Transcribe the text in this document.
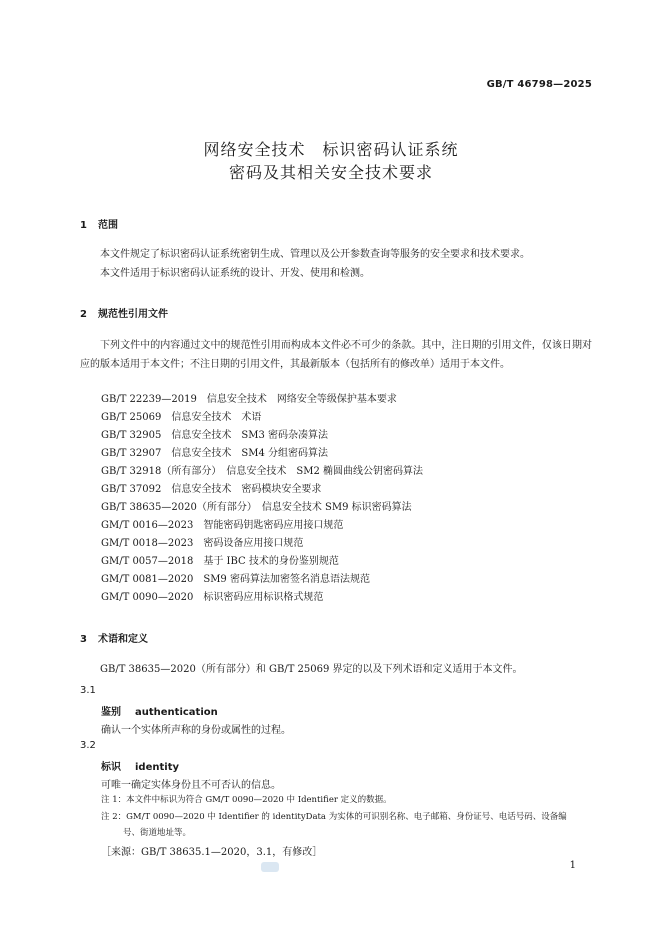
GB/T 46798—2025
网络安全技术　标识密码认证系统
密码及其相关安全技术要求
1 范围
本文件规定了标识密码认证系统密钥生成、管理以及公开参数查询等服务的安全要求和技术要求。
本文件适用于标识密码认证系统的设计、开发、使用和检测。
2 规范性引用文件
下列文件中的内容通过文中的规范性引用而构成本文件必不可少的条款。其中，注日期的引用文件，仅该日期对应的版本适用于本文件；不注日期的引用文件，其最新版本（包括所有的修改单）适用于本文件。
GB/T 22239—2019　信息安全技术　网络安全等级保护基本要求
GB/T 25069　信息安全技术　术语
GB/T 32905　信息安全技术　SM3 密码杂凑算法
GB/T 32907　信息安全技术　SM4 分组密码算法
GB/T 32918（所有部分）　信息安全技术　SM2 椭圆曲线公钥密码算法
GB/T 37092　信息安全技术　密码模块安全要求
GB/T 38635—2020（所有部分）　信息安全技术 SM9 标识密码算法
GM/T 0016—2023　智能密码钥匙密码应用接口规范
GM/T 0018—2023　密码设备应用接口规范
GM/T 0057—2018　基于 IBC 技术的身份鉴别规范
GM/T 0081—2020　SM9 密码算法加密签名消息语法规范
GM/T 0090—2020　标识密码应用标识格式规范
3 术语和定义
GB/T 38635—2020（所有部分）和 GB/T 25069 界定的以及下列术语和定义适用于本文件。
3.1
鉴别 authentication
确认一个实体所声称的身份或属性的过程。
3.2
标识 identity
可唯一确定实体身份且不可否认的信息。
注 1：本文件中标识为符合 GM/T 0090—2020 中 Identifier 定义的数据。
注 2：GM/T 0090—2020 中 Identifier 的 identityData 为实体的可识别名称、电子邮箱、身份证号、电话号码、设备编
号、街道地址等。
［来源：GB/T 38635.1—2020，3.1，有修改］
1
